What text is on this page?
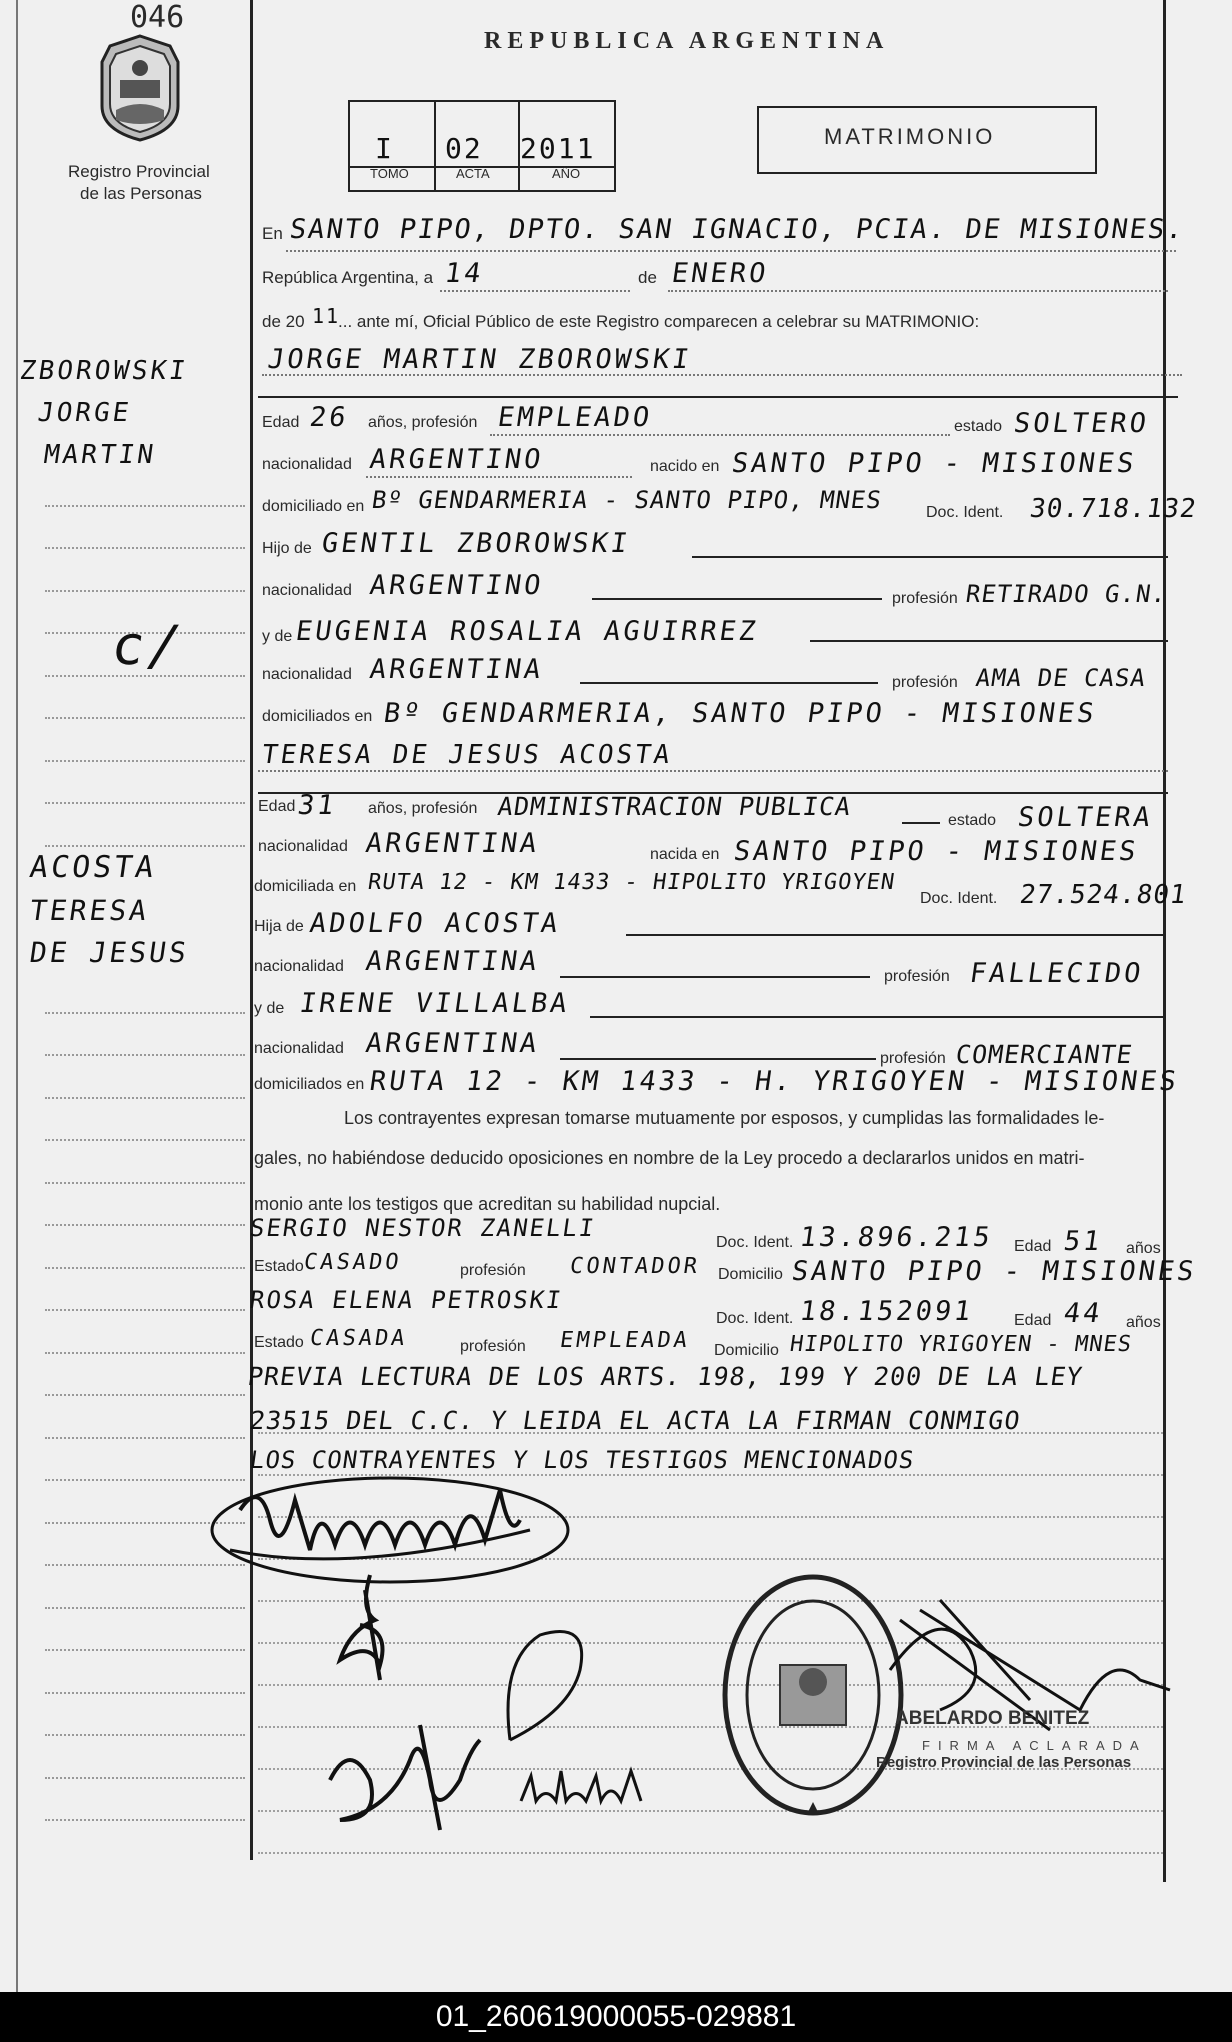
046
Registro Provincial
de las Personas
REPUBLICA ARGENTINA
I 02 2011
TOMO	ACTA	AÑO
MATRIMONIO
En SANTO PIPO, DPTO. SAN IGNACIO, PCIA. DE MISIONES.
República Argentina, a 14	de ENERO
de 20 11
... ante mí, Oficial Público de este Registro comparecen a celebrar su MATRIMONIO:
ZBOROWSKI
JORGE
MARTIN
c/
ACOSTA
TERESA
DE JESUS
JORGE MARTIN ZBOROWSKI
Edad 26 años, profesión EMPLEADO	estado SOLTERO
nacionalidad ARGENTINO	nacido en SANTO PIPO - MISIONES
domiciliado en Bº GENDARMERIA - SANTO PIPO, MNES	Doc. Ident. 30.718.132
Hijo de GENTIL ZBOROWSKI
nacionalidad ARGENTINO	profesión RETIRADO G.N.
y de EUGENIA ROSALIA AGUIRREZ
nacionalidad ARGENTINA	profesión AMA DE CASA
domiciliados en Bº GENDARMERIA, SANTO PIPO - MISIONES
TERESA DE JESUS ACOSTA
Edad 31 años, profesión ADMINISTRACION PUBLICA	estado SOLTERA
nacionalidad ARGENTINA	nacida en SANTO PIPO - MISIONES
domiciliada en RUTA 12 - KM 1433 - HIPOLITO YRIGOYEN
Doc. Ident. 27.524.801
Hija de ADOLFO ACOSTA
nacionalidad ARGENTINA	profesión FALLECIDO
y de IRENE VILLALBA
nacionalidad ARGENTINA	profesión COMERCIANTE
domiciliados en RUTA 12 - KM 1433 - H. YRIGOYEN - MISIONES
Los contrayentes expresan tomarse mutuamente por esposos, y cumplidas las formalidades le-
gales, no habiéndose deducido oposiciones en nombre de la Ley procedo a declararlos unidos en matri-
monio ante los testigos que acreditan su habilidad nupcial.
SERGIO NESTOR ZANELLI
Doc. Ident. 13.896.215 Edad 51 años
Estado
CASADO	profesión CONTADOR Domicilio SANTO PIPO - MISIONES
ROSA ELENA PETROSKI
Doc. Ident. 18.152091 Edad 44 años
Estado CASADA	profesión EMPLEADA Domicilio HIPOLITO YRIGOYEN - MNES
PREVIA LECTURA DE LOS ARTS. 198, 199 Y 200 DE LA LEY
23515 DEL C.C. Y LEIDA EL ACTA LA FIRMAN CONMIGO
LOS CONTRAYENTES Y LOS TESTIGOS MENCIONADOS
ABELARDO BENITEZ
FIRMA ACLARADA
Registro Provincial de las Personas
01_260619000055-029881
